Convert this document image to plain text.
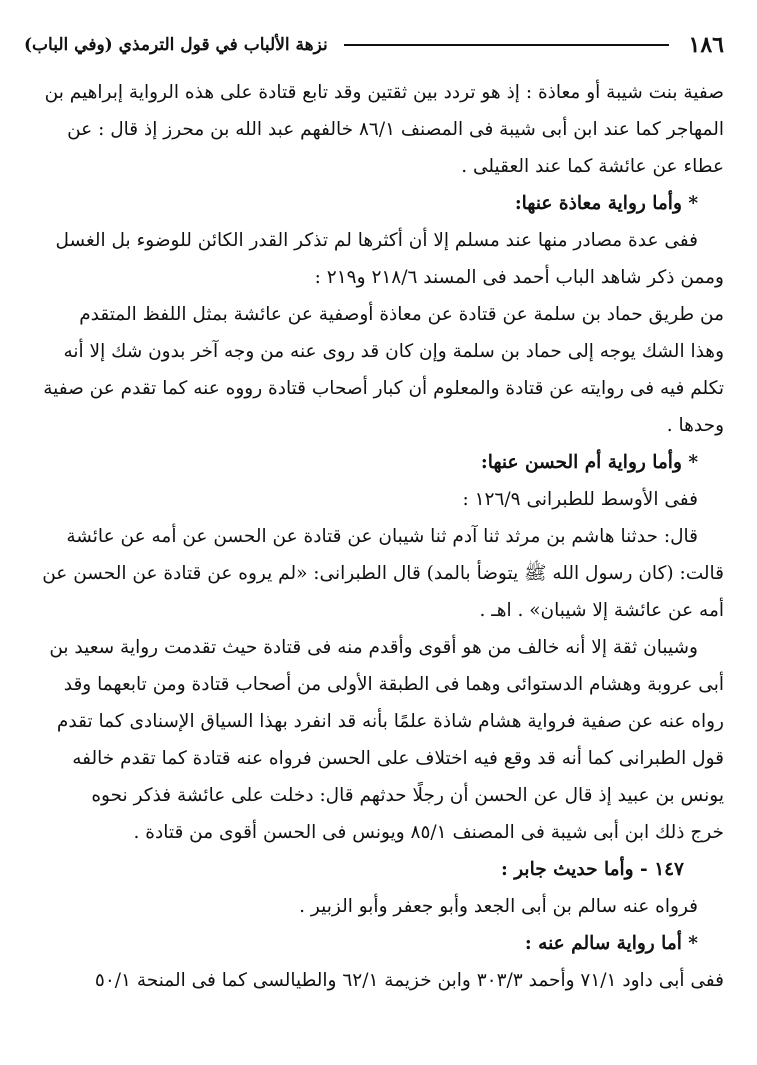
١٨٦
نزهة الألباب في قول الترمذي (وفي الباب)
صفية بنت شيبة أو معاذة : إذ هو تردد بين ثقتين وقد تابع قتادة على هذه الرواية إبراهيم بن
المهاجر كما عند ابن أبى شيبة فى المصنف ٨٦/١ خالفهم عبد الله بن محرز إذ قال : عن
عطاء عن عائشة كما عند العقيلى .
* وأما رواية معاذة عنها:
ففى عدة مصادر منها عند مسلم إلا أن أكثرها لم تذكر القدر الكائن للوضوء بل الغسل
وممن ذكر شاهد الباب أحمد فى المسند ٢١٨/٦ و٢١٩ :
من طريق حماد بن سلمة عن قتادة عن معاذة أوصفية عن عائشة بمثل اللفظ المتقدم
وهذا الشك يوجه إلى حماد بن سلمة وإن كان قد روى عنه من وجه آخر بدون شك إلا أنه
تكلم فيه فى روايته عن قتادة والمعلوم أن كبار أصحاب قتادة رووه عنه كما تقدم عن صفية
وحدها .
* وأما رواية أم الحسن عنها:
ففى الأوسط للطبرانى ١٢٦/٩ :
قال: حدثنا هاشم بن مرثد ثنا آدم ثنا شيبان عن قتادة عن الحسن عن أمه عن عائشة
قالت: (كان رسول الله ﷺ يتوضأ بالمد) قال الطبرانى: «لم يروه عن قتادة عن الحسن عن
أمه عن عائشة إلا شيبان» . اهـ .
وشيبان ثقة إلا أنه خالف من هو أقوى وأقدم منه فى قتادة حيث تقدمت رواية سعيد بن
أبى عروبة وهشام الدستوائى وهما فى الطبقة الأولى من أصحاب قتادة ومن تابعهما وقد
رواه عنه عن صفية فرواية هشام شاذة علمًا بأنه قد انفرد بهذا السياق الإسنادى كما تقدم
قول الطبرانى كما أنه قد وقع فيه اختلاف على الحسن فرواه عنه قتادة كما تقدم خالفه
يونس بن عبيد إذ قال عن الحسن أن رجلًا حدثهم قال: دخلت على عائشة فذكر نحوه
خرج ذلك ابن أبى شيبة فى المصنف ٨٥/١ ويونس فى الحسن أقوى من قتادة .
١٤٧ - وأما حديث جابر :
فرواه عنه سالم بن أبى الجعد وأبو جعفر وأبو الزبير .
* أما رواية سالم عنه :
ففى أبى داود ٧١/١ وأحمد ٣٠٣/٣ وابن خزيمة ٦٢/١ والطيالسى كما فى المنحة ٥٠/١
